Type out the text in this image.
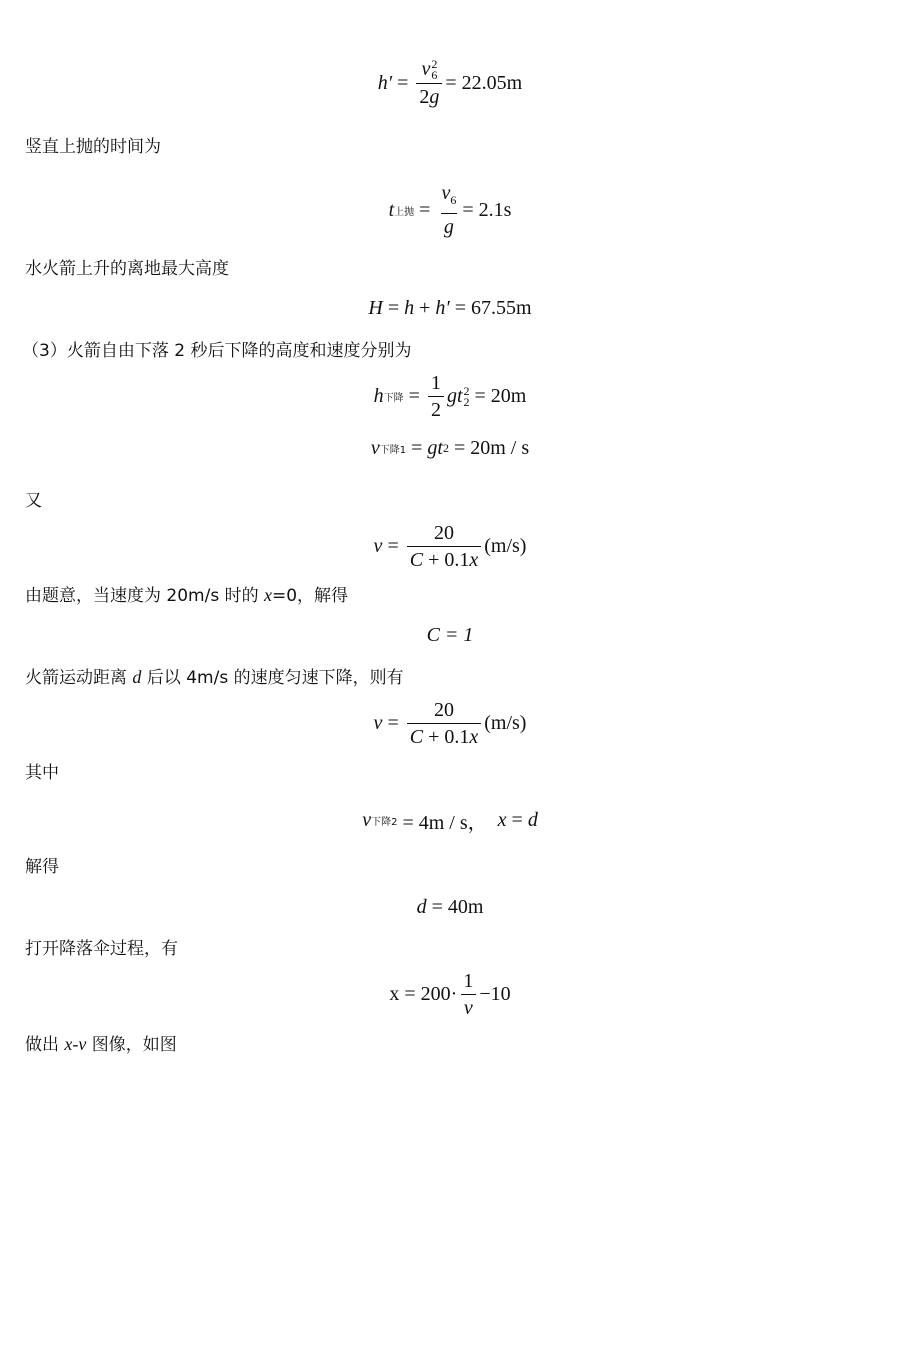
h′ = v 2
6
2g = 22.05m
竖直上抛的时间为
t 上抛 = $\frac{v_6}{g} = 2.1s$
水火箭上升的离地最大高度
H = h + h′
= 67.55m
（3）火箭自由下落 2 秒后下降的高度和速度分别为
h 下降 = $\frac{1}{2}$ gt 2
2
= 20m
v 下降1 = gt 2
= 20m / s
又
$v = \frac{20}{C + 0.1x} (m/s)$
由题意，当速度为 20m/s 时的 x=0，解得
C = 1
火箭运动距离 d 后以 4m/s 的速度匀速下降，则有
$v = \frac{20}{C + 0.1x} (m/s)$
其中
v 下降2
= 4m / s，
x = d
解得
d
= 40m
打开降落伞过程，有
$x = 200\cdot \frac{1}{v} -10$
做出 x-v 图像，如图
